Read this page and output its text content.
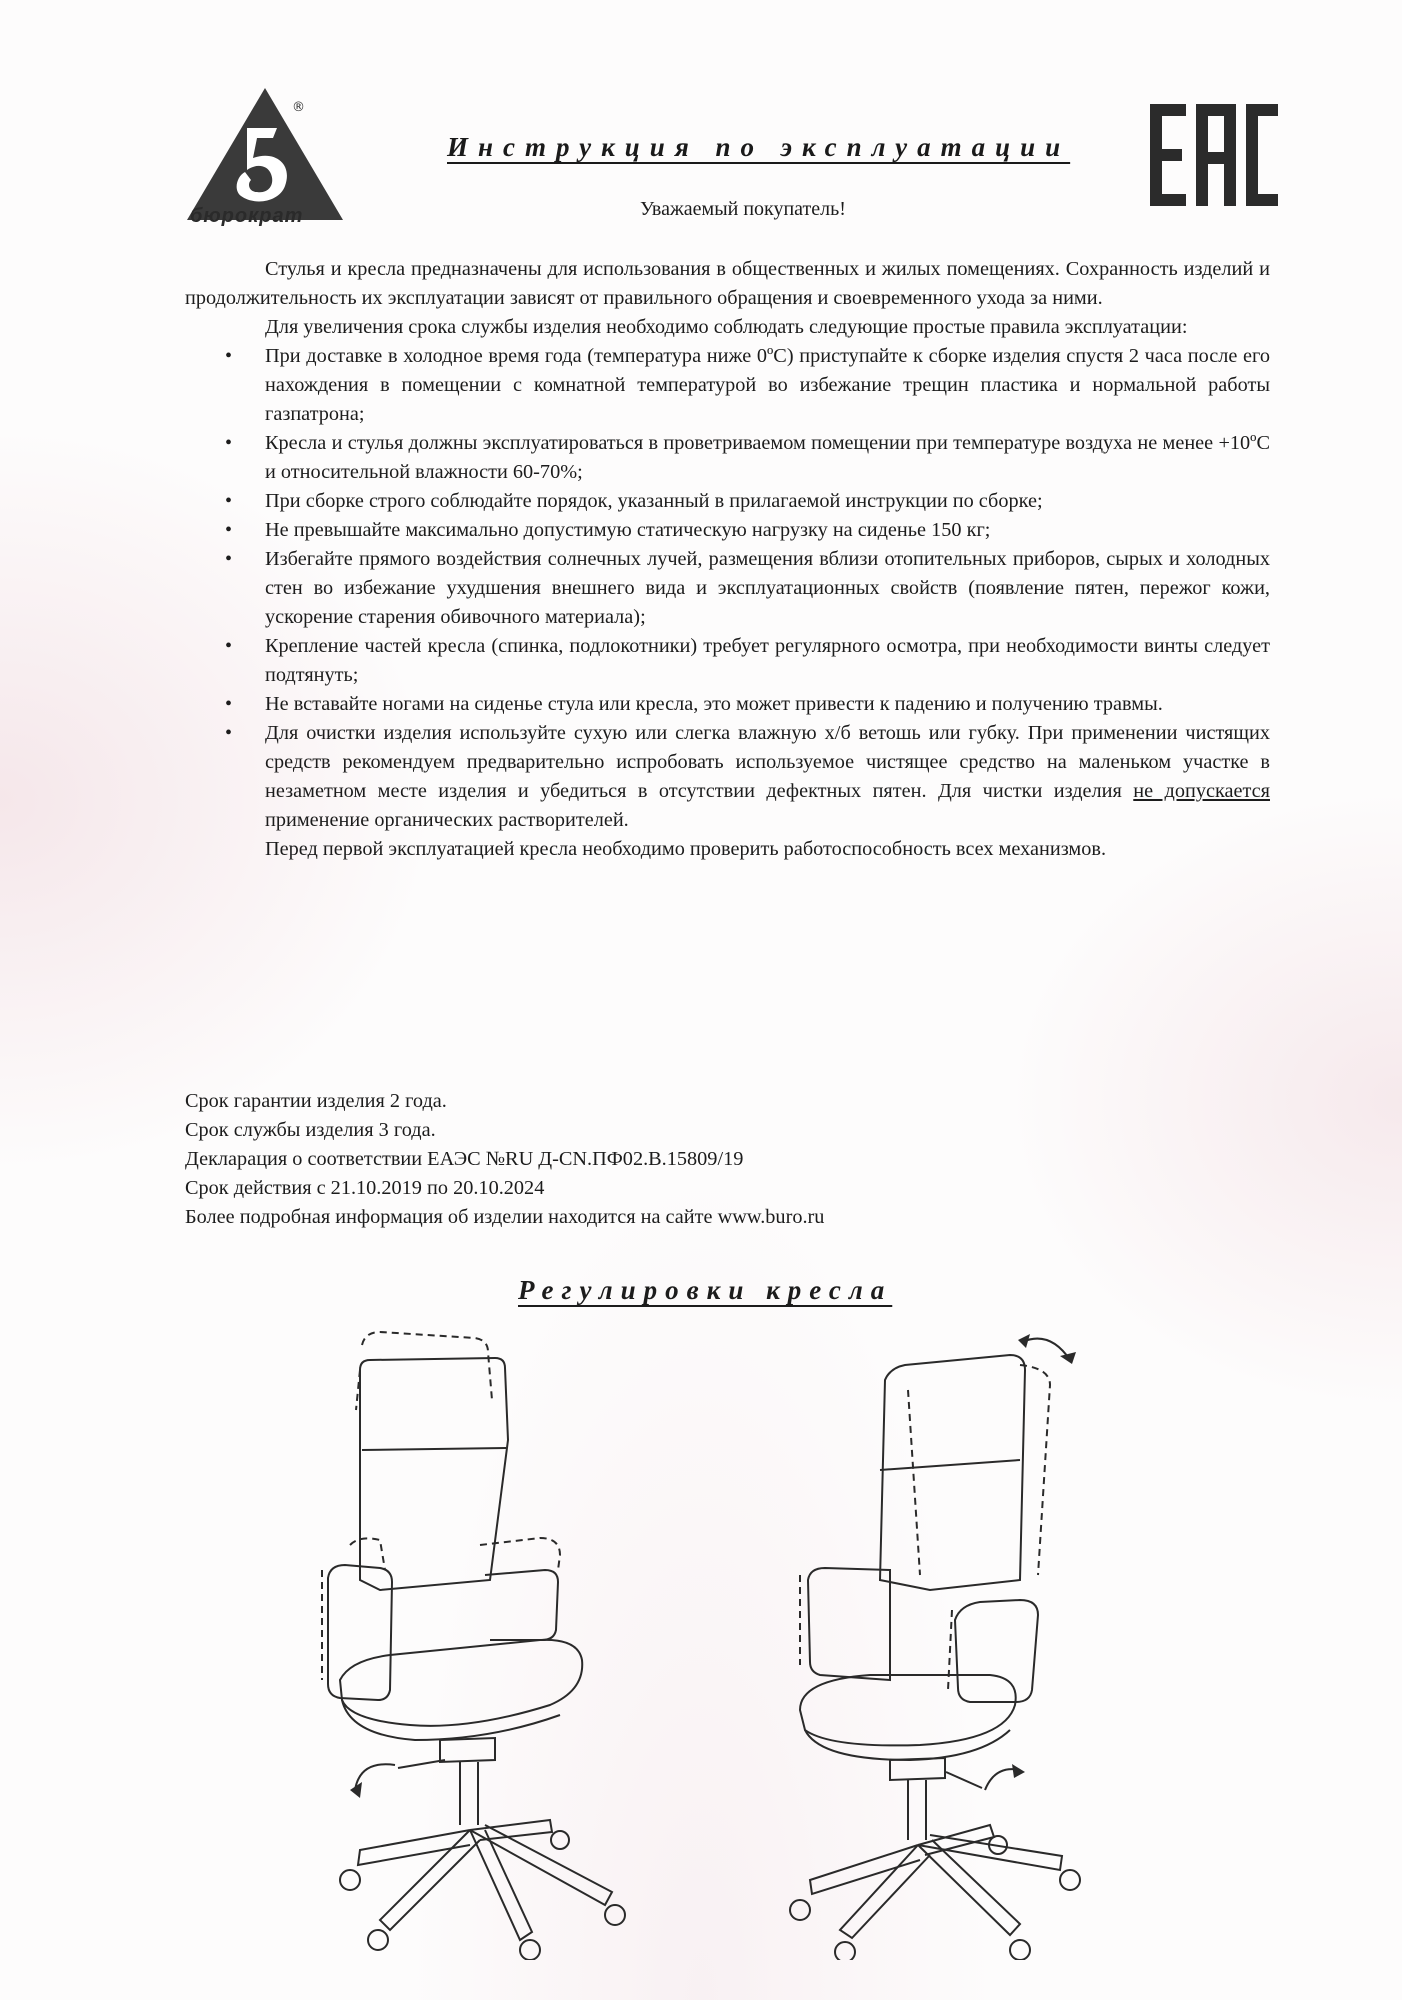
®
бюрократ
Инструкция по эксплуатации
Уважаемый покупатель!

Стулья и кресла предназначены для использования в общественных и жилых помещениях. Сохранность изделий и продолжительность их эксплуатации зависят от правильного обращения и своевременного ухода за ними.

Для увеличения срока службы изделия необходимо соблюдать следующие простые правила эксплуатации:

• При доставке в холодное время года (температура ниже 0ºC) приступайте к сборке изделия спустя 2 часа после его нахождения в помещении с комнатной температурой во избежание трещин пластика и нормальной работы газпатрона;
• Кресла и стулья должны эксплуатироваться в проветриваемом помещении при температуре воздуха не менее +10ºC и относительной влажности 60-70%;
• При сборке строго соблюдайте порядок, указанный в прилагаемой инструкции по сборке;
• Не превышайте максимально допустимую статическую нагрузку на сиденье 150 кг;
• Избегайте прямого воздействия солнечных лучей, размещения вблизи отопительных приборов, сырых и холодных стен во избежание ухудшения внешнего вида и эксплуатационных свойств (появление пятен, пережог кожи, ускорение старения обивочного материала);
• Крепление частей кресла (спинка, подлокотники) требует регулярного осмотра, при необходимости винты следует подтянуть;
• Не вставайте ногами на сиденье стула или кресла, это может привести к падению и получению травмы.
• Для очистки изделия используйте сухую или слегка влажную х/б ветошь или губку. При применении чистящих средств рекомендуем предварительно испробовать используемое чистящее средство на маленьком участке в незаметном месте изделия и убедиться в отсутствии дефектных пятен. Для чистки изделия не допускается применение органических растворителей.

Перед первой эксплуатацией кресла необходимо проверить работоспособность всех механизмов.

Срок гарантии изделия 2 года.
Срок службы изделия 3 года.
Декларация о соответствии ЕАЭС №RU Д-CN.ПФ02.В.15809/19
Срок действия с 21.10.2019 по 20.10.2024
Более подробная информация об изделии находится на сайте www.buro.ru
Регулировки кресла
